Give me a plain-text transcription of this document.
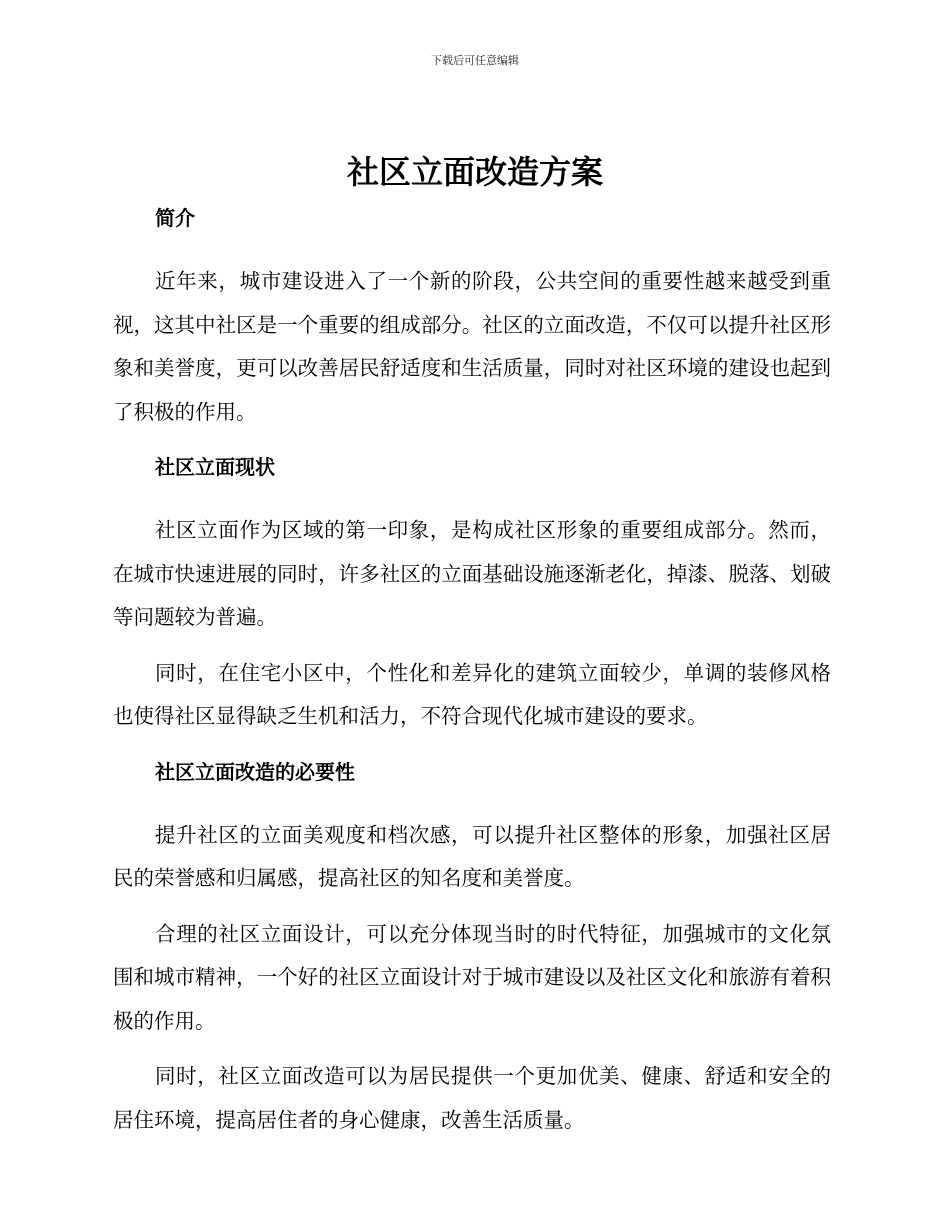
下载后可任意编辑
社区立面改造方案
简介

近年来，城市建设进入了一个新的阶段，公共空间的重要性越来越受到重视，这其中社区是一个重要的组成部分。社区的立面改造，不仅可以提升社区形象和美誉度，更可以改善居民舒适度和生活质量，同时对社区环境的建设也起到了积极的作用。

社区立面现状

社区立面作为区域的第一印象，是构成社区形象的重要组成部分。然而，在城市快速进展的同时，许多社区的立面基础设施逐渐老化，掉漆、脱落、划破等问题较为普遍。

同时，在住宅小区中，个性化和差异化的建筑立面较少，单调的装修风格也使得社区显得缺乏生机和活力，不符合现代化城市建设的要求。

社区立面改造的必要性

提升社区的立面美观度和档次感，可以提升社区整体的形象，加强社区居民的荣誉感和归属感，提高社区的知名度和美誉度。

合理的社区立面设计，可以充分体现当时的时代特征，加强城市的文化氛围和城市精神，一个好的社区立面设计对于城市建设以及社区文化和旅游有着积极的作用。

同时，社区立面改造可以为居民提供一个更加优美、健康、舒适和安全的居住环境，提高居住者的身心健康，改善生活质量。
